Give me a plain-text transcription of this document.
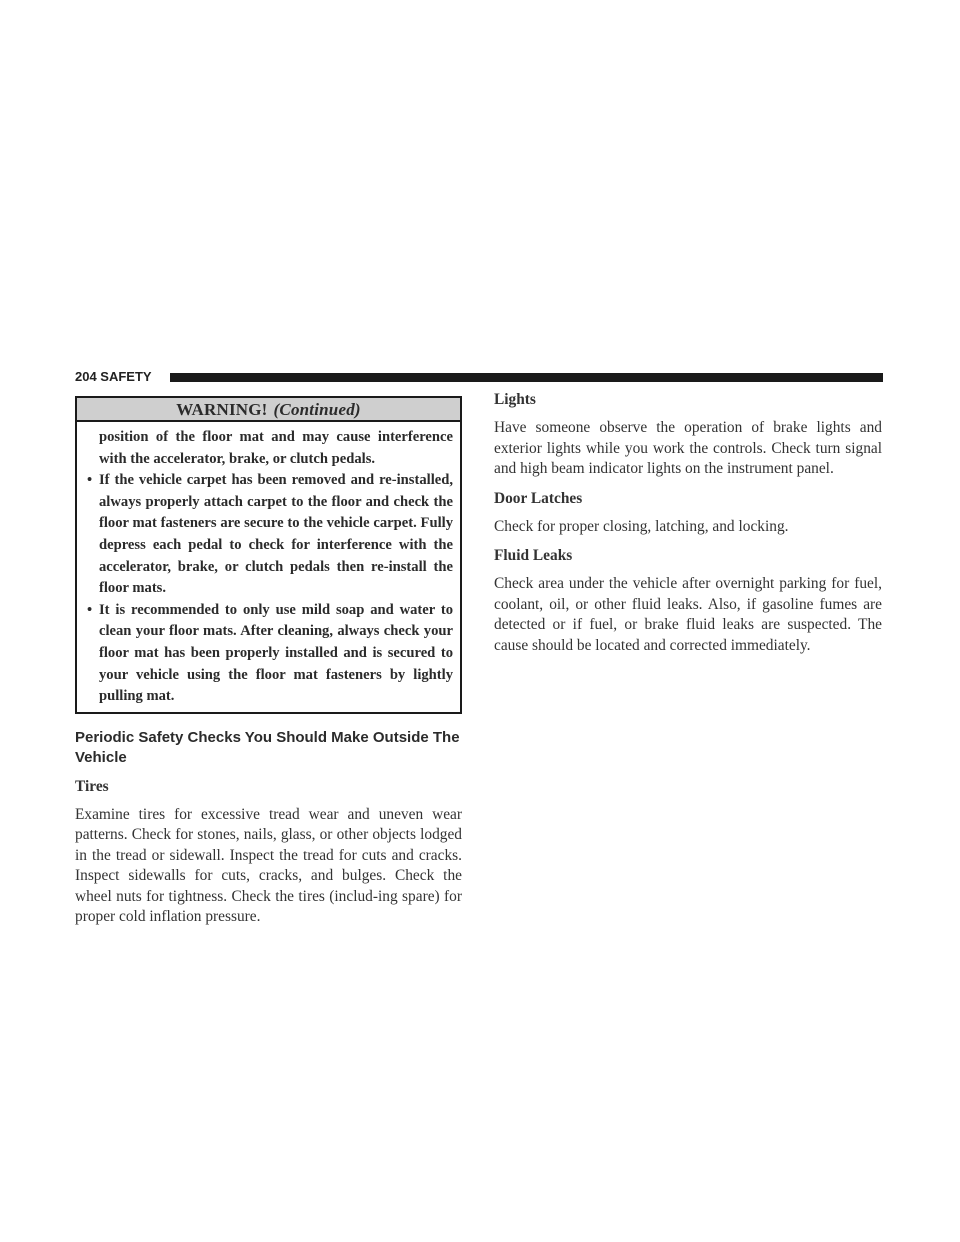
204 SAFETY
WARNING! (Continued)
position of the floor mat and may cause interference with the accelerator, brake, or clutch pedals.
• If the vehicle carpet has been removed and re-installed, always properly attach carpet to the floor and check the floor mat fasteners are secure to the vehicle carpet. Fully depress each pedal to check for interference with the accelerator, brake, or clutch pedals then re-install the floor mats.
• It is recommended to only use mild soap and water to clean your floor mats. After cleaning, always check your floor mat has been properly installed and is secured to your vehicle using the floor mat fasteners by lightly pulling mat.
Periodic Safety Checks You Should Make Outside The Vehicle
Tires
Examine tires for excessive tread wear and uneven wear patterns. Check for stones, nails, glass, or other objects lodged in the tread or sidewall. Inspect the tread for cuts and cracks. Inspect sidewalls for cuts, cracks, and bulges. Check the wheel nuts for tightness. Check the tires (includ-ing spare) for proper cold inflation pressure.
Lights
Have someone observe the operation of brake lights and exterior lights while you work the controls. Check turn signal and high beam indicator lights on the instrument panel.
Door Latches
Check for proper closing, latching, and locking.
Fluid Leaks
Check area under the vehicle after overnight parking for fuel, coolant, oil, or other fluid leaks. Also, if gasoline fumes are detected or if fuel, or brake fluid leaks are suspected. The cause should be located and corrected immediately.
